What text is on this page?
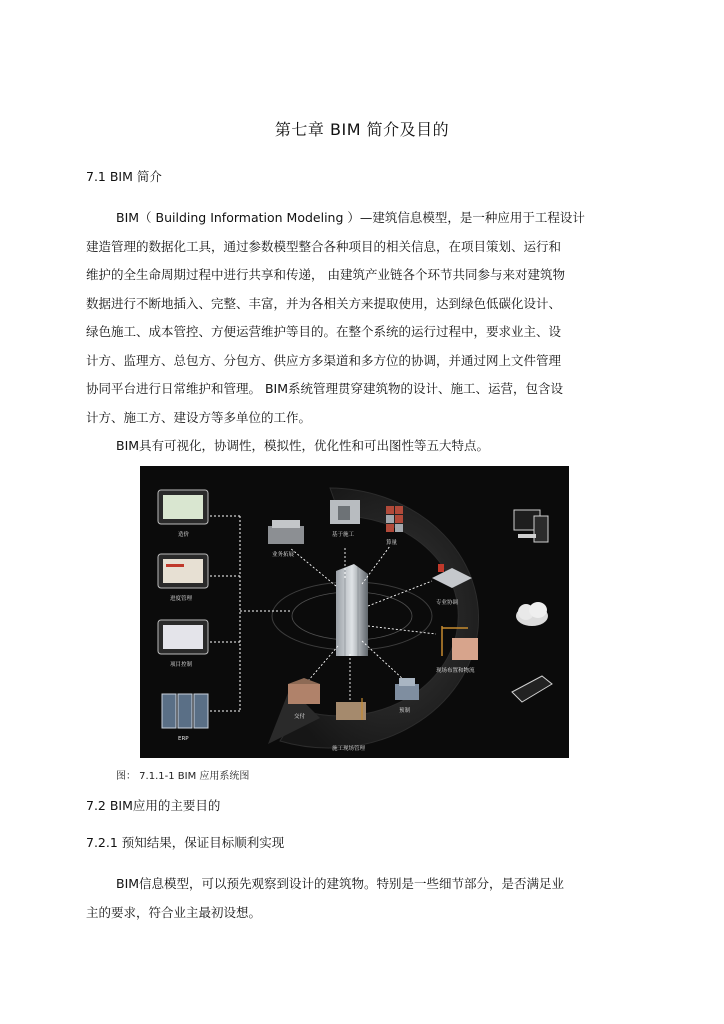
第七章 BIM 简介及目的
7.1 BIM 简介
BIM（ Building Information Modeling ）—建筑信息模型，是一种应用于工程设计
建造管理的数据化工具，通过参数模型整合各种项目的相关信息，在项目策划、运行和
维护的全生命周期过程中进行共享和传递， 由建筑产业链各个环节共同参与来对建筑物
数据进行不断地插入、完整、丰富，并为各相关方来提取使用，达到绿色低碳化设计、
绿色施工、成本管控、方便运营维护等目的。在整个系统的运行过程中，要求业主、设
计方、监理方、总包方、分包方、供应方多渠道和多方位的协调，并通过网上文件管理
协同平台进行日常维护和管理。 BIM系统管理贯穿建筑物的设计、施工、运营，包含设
计方、施工方、建设方等多单位的工作。
BIM具有可视化，协调性，模拟性，优化性和可出图性等五大特点。
业务拓展
基于施工
算量
专业协调
现场布置和物流
预制
施工现场管理
交付
造价
进度管理
项目控制
ERP
图： 7.1.1-1 BIM 应用系统图
7.2 BIM应用的主要目的
7.2.1 预知结果，保证目标顺利实现
BIM信息模型，可以预先观察到设计的建筑物。特别是一些细节部分，是否满足业
主的要求，符合业主最初设想。
